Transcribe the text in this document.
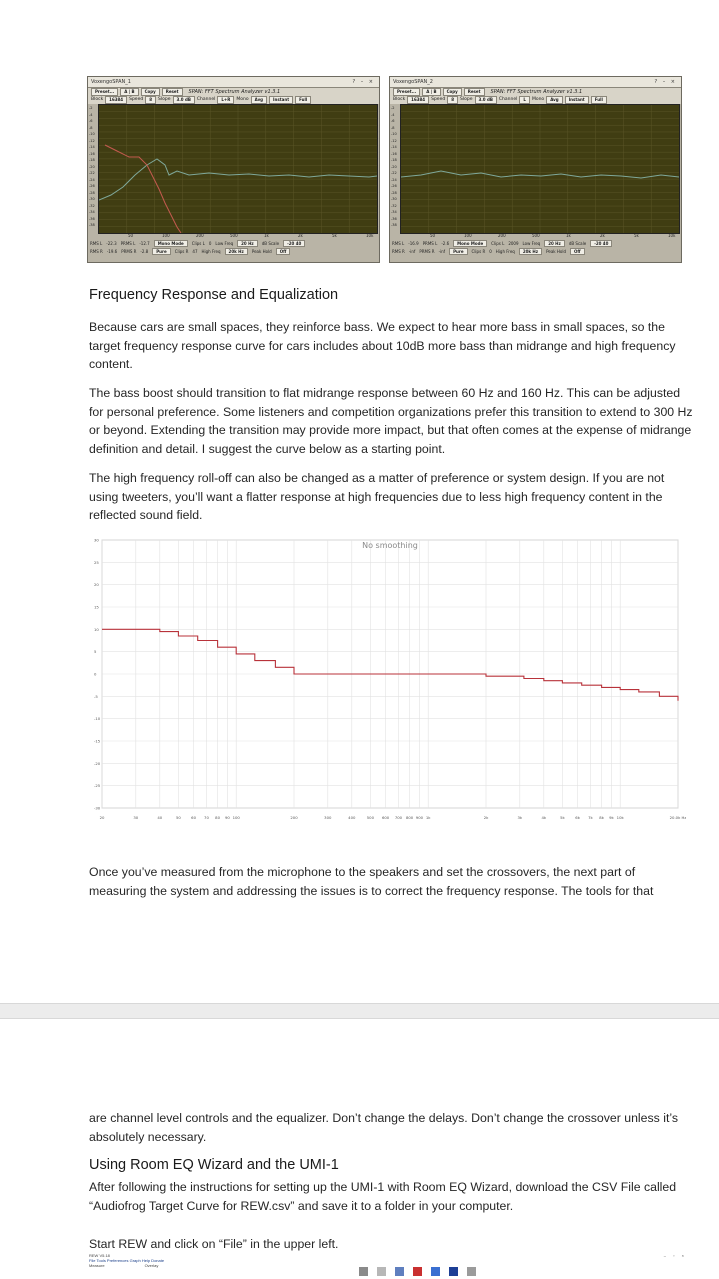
VoxengoSPAN_1	? – ×
Preset...	A | B	Copy	Reset	SPAN: FFT Spectrum Analyzer v1.3.1
Block	16384	Speed	8	Slope	3.0 dB	Channel	L+R	Mono	Avg	Instant	Full
-2
-4
-6
-8
-10
-12
-14
-16
-18
-20
-22
-24
-26
-28
-30
-32
-34
-36
-38
50	100	200	500	1k	2k	5k	10k
RMS L -22.3 PRMS L -12.7	Mono Mode	Clips L 0 Low Freq	20 Hz	dB Scale	-20 40
RMS R -19.6 PRMS R -2.8	Pure	Clips R 47 High Freq	20k Hz	Peak Hold	Off
VoxengoSPAN_2	? – ×
Preset...	A | B	Copy	Reset	SPAN: FFT Spectrum Analyzer v1.3.1
Block	16384	Speed	8	Slope	3.0 dB	Channel	L	Mono	Avg	Instant	Full
-2
-4
-6
-8
-10
-12
-14
-16
-18
-20
-22
-24
-26
-28
-30
-32
-34
-36
-38
50	100	200	500	1k	2k	5k	10k
RMS L -16.9 PRMS L -2.6	Mono Mode	Clips L 2009 Low Freq	20 Hz	dB Scale	-20 40
RMS R -inf PRMS R -inf	Pure	Clips R 0 High Freq	20k Hz	Peak Hold	Off
Frequency Response and Equalization
Because cars are small spaces, they reinforce bass. We expect to hear more bass in small spaces, so the target frequency response curve for cars includes about 10dB more bass than midrange and high frequency content.
The bass boost should transition to flat midrange response between 60 Hz and 160 Hz. This can be adjusted for personal preference. Some listeners and competition organizations prefer this transition to extend to 300 Hz or beyond. Extending the transition may provide more impact, but that often comes at the expense of midrange definition and detail. I suggest the curve below as a starting point.
The high frequency roll-off can also be changed as a matter of preference or system design. If you are not using tweeters, you’ll want a flatter response at high frequencies due to less high frequency content in the reflected sound field.
20	30	40	50	60 70 80 90 100	200	300	400	500 600 700 800 900 1k	2k	3k	4k	5k	6k 7k 8k 9k 10k	20.0k Hz
30
25
20
15
10
5
0
-5
-10
-15
-20
-25
-30
No smoothing
Once you’ve measured from the microphone to the speakers and set the crossovers, the next part of measuring the system and addressing the issues is to correct the frequency response. The tools for that
are channel level controls and the equalizer. Don’t change the delays. Don’t change the crossover unless it’s absolutely necessary.
Using Room EQ Wizard and the UMI-1
After following the instructions for setting up the UMI-1 with Room EQ Wizard, download the CSV File called “Audiofrog Target Curve for REW.csv” and save it to a folder in your computer.
Start REW and click on “File” in the upper left.
REW V5.18
File Tools Preferences Graph Help Donate
Measure	Overlay
– ▫ ×
